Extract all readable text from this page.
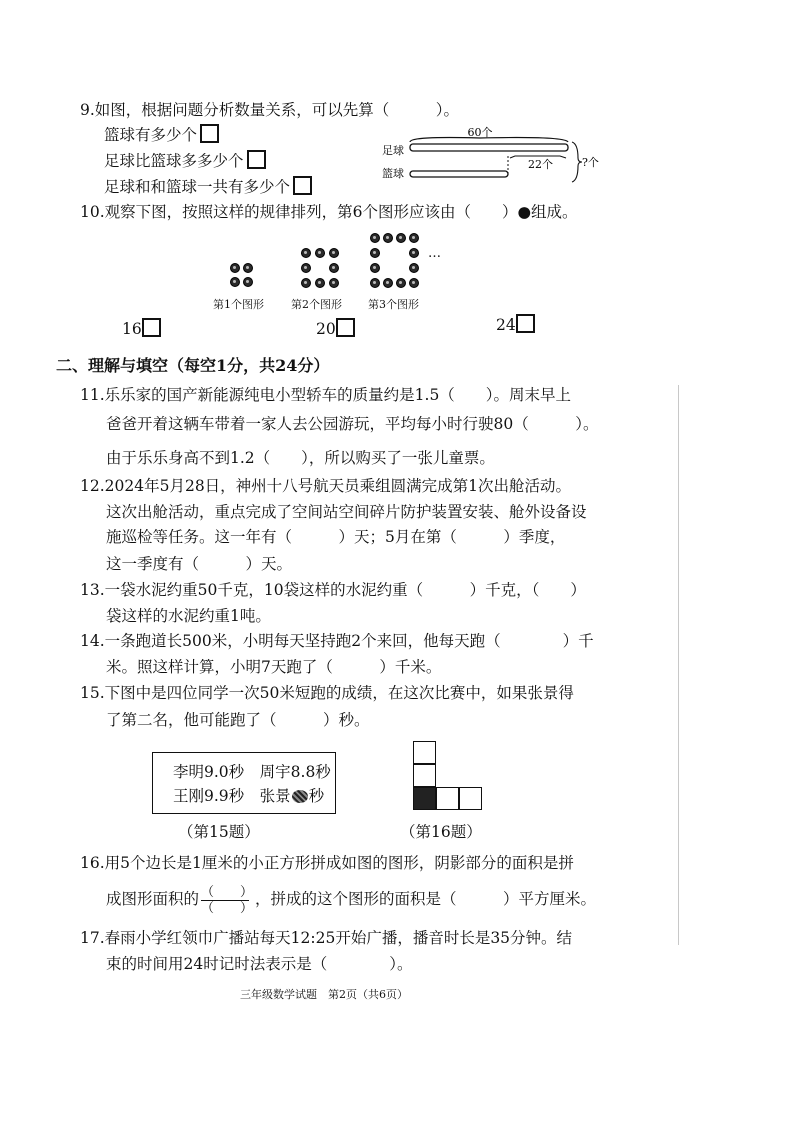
9.如图，根据问题分析数量关系，可以先算（　　　）。
篮球有多少个
足球比篮球多多少个
足球和和篮球一共有多少个
60个
足球
22个
篮球
?个
10.观察下图，按照这样的规律排列，第6个图形应该由（　　）●组成。
…
第1个图形 第2个图形 第3个图形
16	20	24
二、理解与填空（每空1分，共24分）
11.乐乐家的国产新能源纯电小型轿车的质量约是1.5（　　）。周末早上
爸爸开着这辆车带着一家人去公园游玩，平均每小时行驶80（　　　）。
由于乐乐身高不到1.2（　　），所以购买了一张儿童票。
12.2024年5月28日，神州十八号航天员乘组圆满完成第1次出舱活动。
这次出舱活动，重点完成了空间站空间碎片防护装置安装、舱外设备设
施巡检等任务。这一年有（　　　）天；5月在第（　　　）季度，
这一季度有（　　　）天。
13.一袋水泥约重50千克，10袋这样的水泥约重（　　　）千克，（　　）
袋这样的水泥约重1吨。
14.一条跑道长500米，小明每天坚持跑2个来回，他每天跑（　　　　）千
米。照这样计算，小明7天跑了（　　　）千米。
15.下图中是四位同学一次50米短跑的成绩，在这次比赛中，如果张景得
了第二名，他可能跑了（　　　）秒。
李明9.0秒　周宇8.8秒
王刚9.9秒　张景 秒
（第15题）	（第16题）
16.用5个边长是1厘米的小正方形拼成如图的图形，阴影部分的面积是拼
成图形面积的 $\frac{( )}{( )}$ ，拼成的这个图形的面积是（　　　）平方厘米。
17.春雨小学红领巾广播站每天12:25开始广播，播音时长是35分钟。结
束的时间用24时记时法表示是（　　　　）。
三年级数学试题　第2页（共6页）
